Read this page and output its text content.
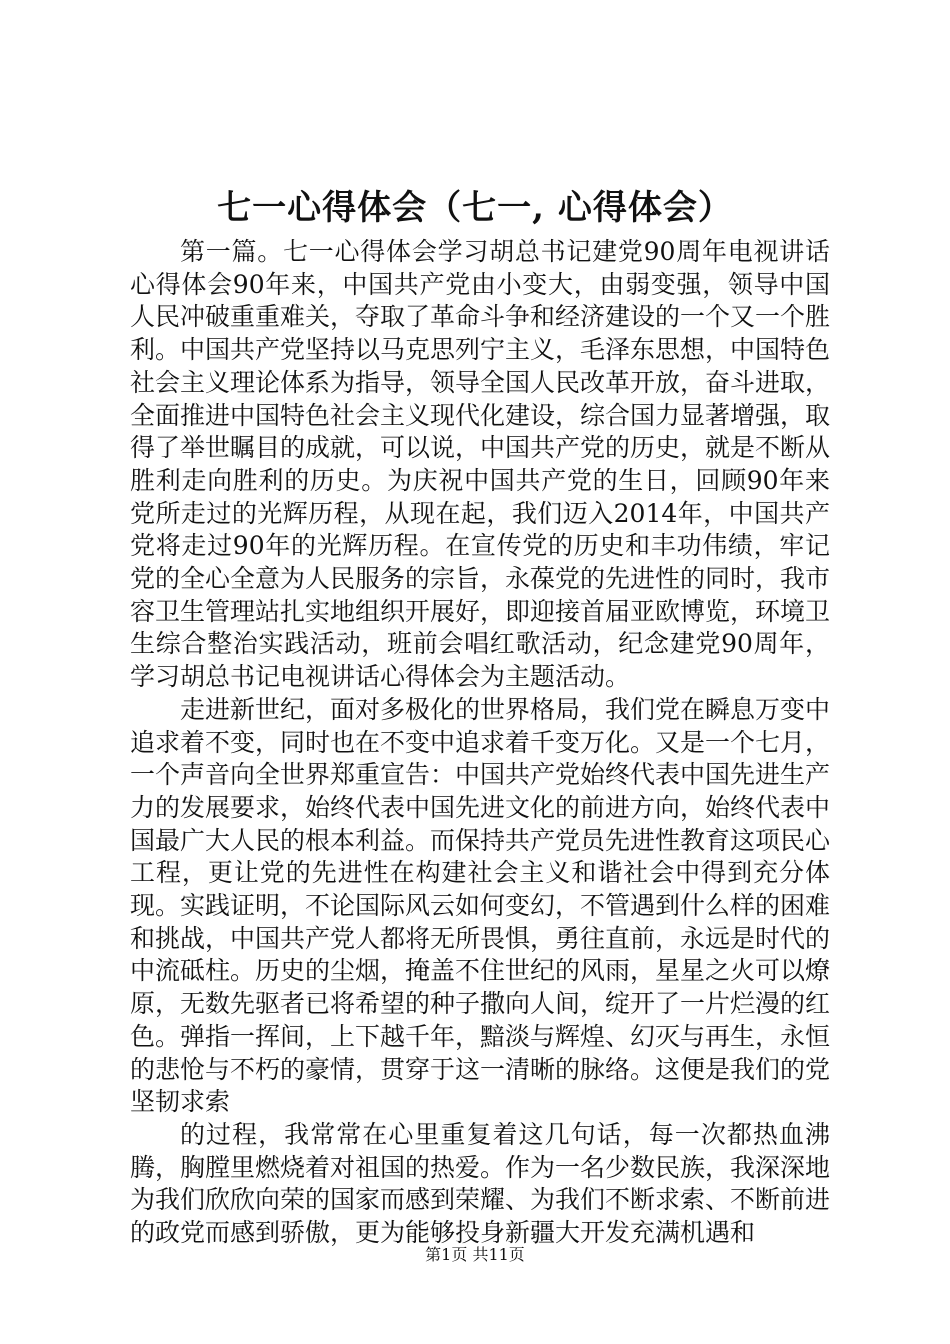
七一心得体会（七一, 心得体会）

第一篇。七一心得体会学习胡总书记建党90周年电视讲话心得体会90年来，中国共产党由小变大，由弱变强，领导中国人民冲破重重难关，夺取了革命斗争和经济建设的一个又一个胜利。中国共产党坚持以马克思列宁主义，毛泽东思想，中国特色社会主义理论体系为指导，领导全国人民改革开放，奋斗进取，全面推进中国特色社会主义现代化建设，综合国力显著增强，取得了举世瞩目的成就，可以说，中国共产党的历史，就是不断从胜利走向胜利的历史。为庆祝中国共产党的生日，回顾90年来党所走过的光辉历程，从现在起，我们迈入2014年，中国共产党将走过90年的光辉历程。在宣传党的历史和丰功伟绩，牢记党的全心全意为人民服务的宗旨，永葆党的先进性的同时，我市容卫生管理站扎实地组织开展好，即迎接首届亚欧博览，环境卫生综合整治实践活动，班前会唱红歌活动，纪念建党90周年，学习胡总书记电视讲话心得体会为主题活动。

走进新世纪，面对多极化的世界格局，我们党在瞬息万变中追求着不变，同时也在不变中追求着千变万化。又是一个七月，一个声音向全世界郑重宣告：中国共产党始终代表中国先进生产力的发展要求，始终代表中国先进文化的前进方向，始终代表中国最广大人民的根本利益。而保持共产党员先进性教育这项民心工程，更让党的先进性在构建社会主义和谐社会中得到充分体现。实践证明，不论国际风云如何变幻，不管遇到什么样的困难和挑战，中国共产党人都将无所畏惧，勇往直前，永远是时代的中流砥柱。历史的尘烟，掩盖不住世纪的风雨，星星之火可以燎原，无数先驱者已将希望的种子撒向人间，绽开了一片烂漫的红色。弹指一挥间，上下越千年，黯淡与辉煌、幻灭与再生，永恒的悲怆与不朽的豪情，贯穿于这一清晰的脉络。这便是我们的党坚韧求索

的过程，我常常在心里重复着这几句话，每一次都热血沸腾，胸膛里燃烧着对祖国的热爱。作为一名少数民族，我深深地为我们欣欣向荣的国家而感到荣耀、为我们不断求索、不断前进的政党而感到骄傲，更为能够投身新疆大开发充满机遇和

第1页 共11页
